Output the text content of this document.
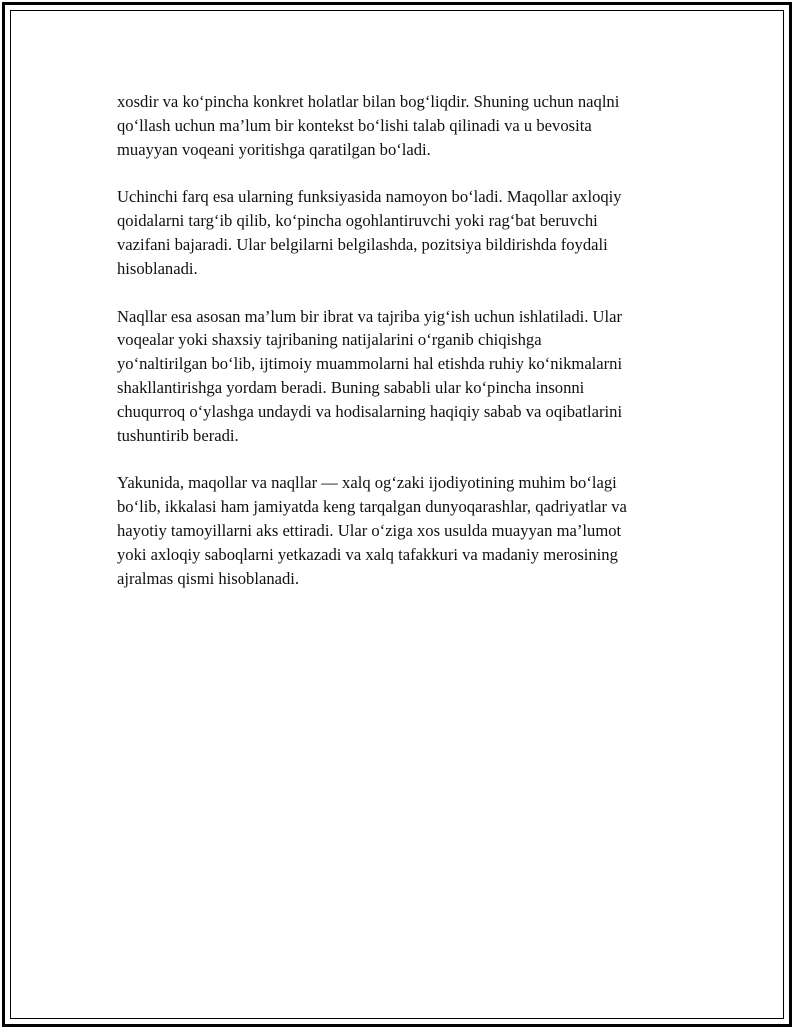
xosdir va ko‘pincha konkret holatlar bilan bog‘liqdir. Shuning uchun naqlni
qo‘llash uchun ma’lum bir kontekst bo‘lishi talab qilinadi va u bevosita
muayyan voqeani yoritishga qaratilgan bo‘ladi.

Uchinchi farq esa ularning funksiyasida namoyon bo‘ladi. Maqollar axloqiy
qoidalarni targ‘ib qilib, ko‘pincha ogohlantiruvchi yoki rag‘bat beruvchi
vazifani bajaradi. Ular belgilarni belgilashda, pozitsiya bildirishda foydali
hisoblanadi.

Naqllar esa asosan ma’lum bir ibrat va tajriba yig‘ish uchun ishlatiladi. Ular
voqealar yoki shaxsiy tajribaning natijalarini o‘rganib chiqishga
yo‘naltirilgan bo‘lib, ijtimoiy muammolarni hal etishda ruhiy ko‘nikmalarni
shakllantirishga yordam beradi. Buning sababli ular ko‘pincha insonni
chuqurroq o‘ylashga undaydi va hodisalarning haqiqiy sabab va oqibatlarini
tushuntirib beradi.

Yakunida, maqollar va naqllar — xalq og‘zaki ijodiyotining muhim bo‘lagi
bo‘lib, ikkalasi ham jamiyatda keng tarqalgan dunyoqarashlar, qadriyatlar va
hayotiy tamoyillarni aks ettiradi. Ular o‘ziga xos usulda muayyan ma’lumot
yoki axloqiy saboqlarni yetkazadi va xalq tafakkuri va madaniy merosining
ajralmas qismi hisoblanadi.
